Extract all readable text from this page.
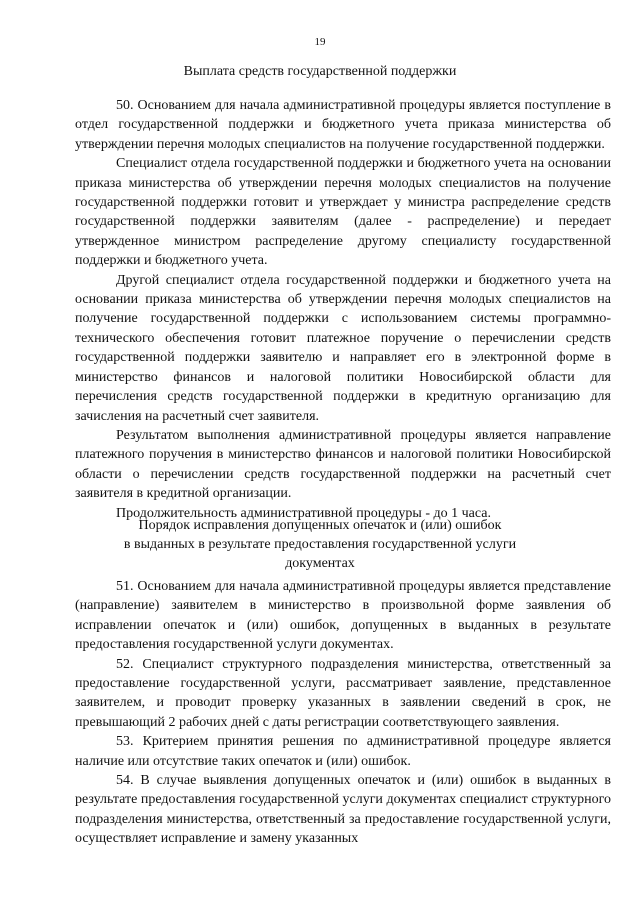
19
Выплата средств государственной поддержки

50. Основанием для начала административной процедуры является поступление в отдел государственной поддержки и бюджетного учета приказа министерства об утверждении перечня молодых специалистов на получение государственной поддержки.

Специалист отдела государственной поддержки и бюджетного учета на основании приказа министерства об утверждении перечня молодых специалистов на получение государственной поддержки готовит и утверждает у министра распределение средств государственной поддержки заявителям (далее - распределение) и передает утвержденное министром распределение другому специалисту государственной поддержки и бюджетного учета.

Другой специалист отдела государственной поддержки и бюджетного учета на основании приказа министерства об утверждении перечня молодых специалистов на получение государственной поддержки с использованием системы программно-технического обеспечения готовит платежное поручение о перечислении средств государственной поддержки заявителю и направляет его в электронной форме в министерство финансов и налоговой политики Новосибирской области для перечисления средств государственной поддержки в кредитную организацию для зачисления на расчетный счет заявителя.

Результатом выполнения административной процедуры является направление платежного поручения в министерство финансов и налоговой политики Новосибирской области о перечислении средств государственной поддержки на расчетный счет заявителя в кредитной организации.

Продолжительность административной процедуры - до 1 часа.

Порядок исправления допущенных опечаток и (или) ошибок
в выданных в результате предоставления государственной услуги
документах

51. Основанием для начала административной процедуры является представление (направление) заявителем в министерство в произвольной форме заявления об исправлении опечаток и (или) ошибок, допущенных в выданных в результате предоставления государственной услуги документах.

52. Специалист структурного подразделения министерства, ответственный за предоставление государственной услуги, рассматривает заявление, представленное заявителем, и проводит проверку указанных в заявлении сведений в срок, не превышающий 2 рабочих дней с даты регистрации соответствующего заявления.

53. Критерием принятия решения по административной процедуре является наличие или отсутствие таких опечаток и (или) ошибок.

54. В случае выявления допущенных опечаток и (или) ошибок в выданных в результате предоставления государственной услуги документах специалист структурного подразделения министерства, ответственный за предоставление государственной услуги, осуществляет исправление и замену указанных
